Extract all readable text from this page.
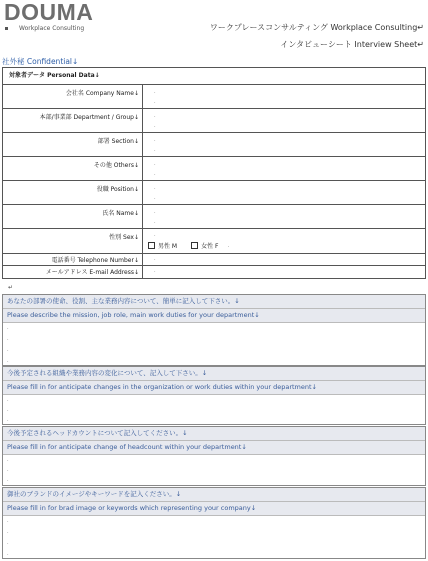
DOUMA
Workplace Consulting	ワークプレースコンサルティング Workplace Consulting↵
インタビューシート Interview Sheet↵
社外秘 Confidential↓
対象者データ Personal Data↓
会社名 Company Name↓	.
.
本部/事業部 Department / Group↓	.
.
部署 Section↓	.
.
その他 Others↓	.
.
役職 Position↓	.
.
氏名 Name↓	.
.
性別 Sex↓	.
男性 M	女性 F .
電話番号 Telephone Number↓	.
メールアドレス E-mail Address↓	.
↵
あなたの部署の使命、役割、主な業務内容について、簡単に記入して下さい。↓
Please describe the mission, job role, main work duties for your department↓
.
.
.
.
今後予定される組織や業務内容の変化について、記入して下さい。↓
Please fill in for anticipate changes in the organization or work duties within your department↓
.
.
.
今後予定されるヘッドカウントについて記入してください。↓
Please fill in for anticipate change of headcount within your department↓
.
.
.
御社のブランドのイメージやキーワードを記入ください。↓
Please fill in for brad image or keywords which representing your company↓
.
.
.
.
